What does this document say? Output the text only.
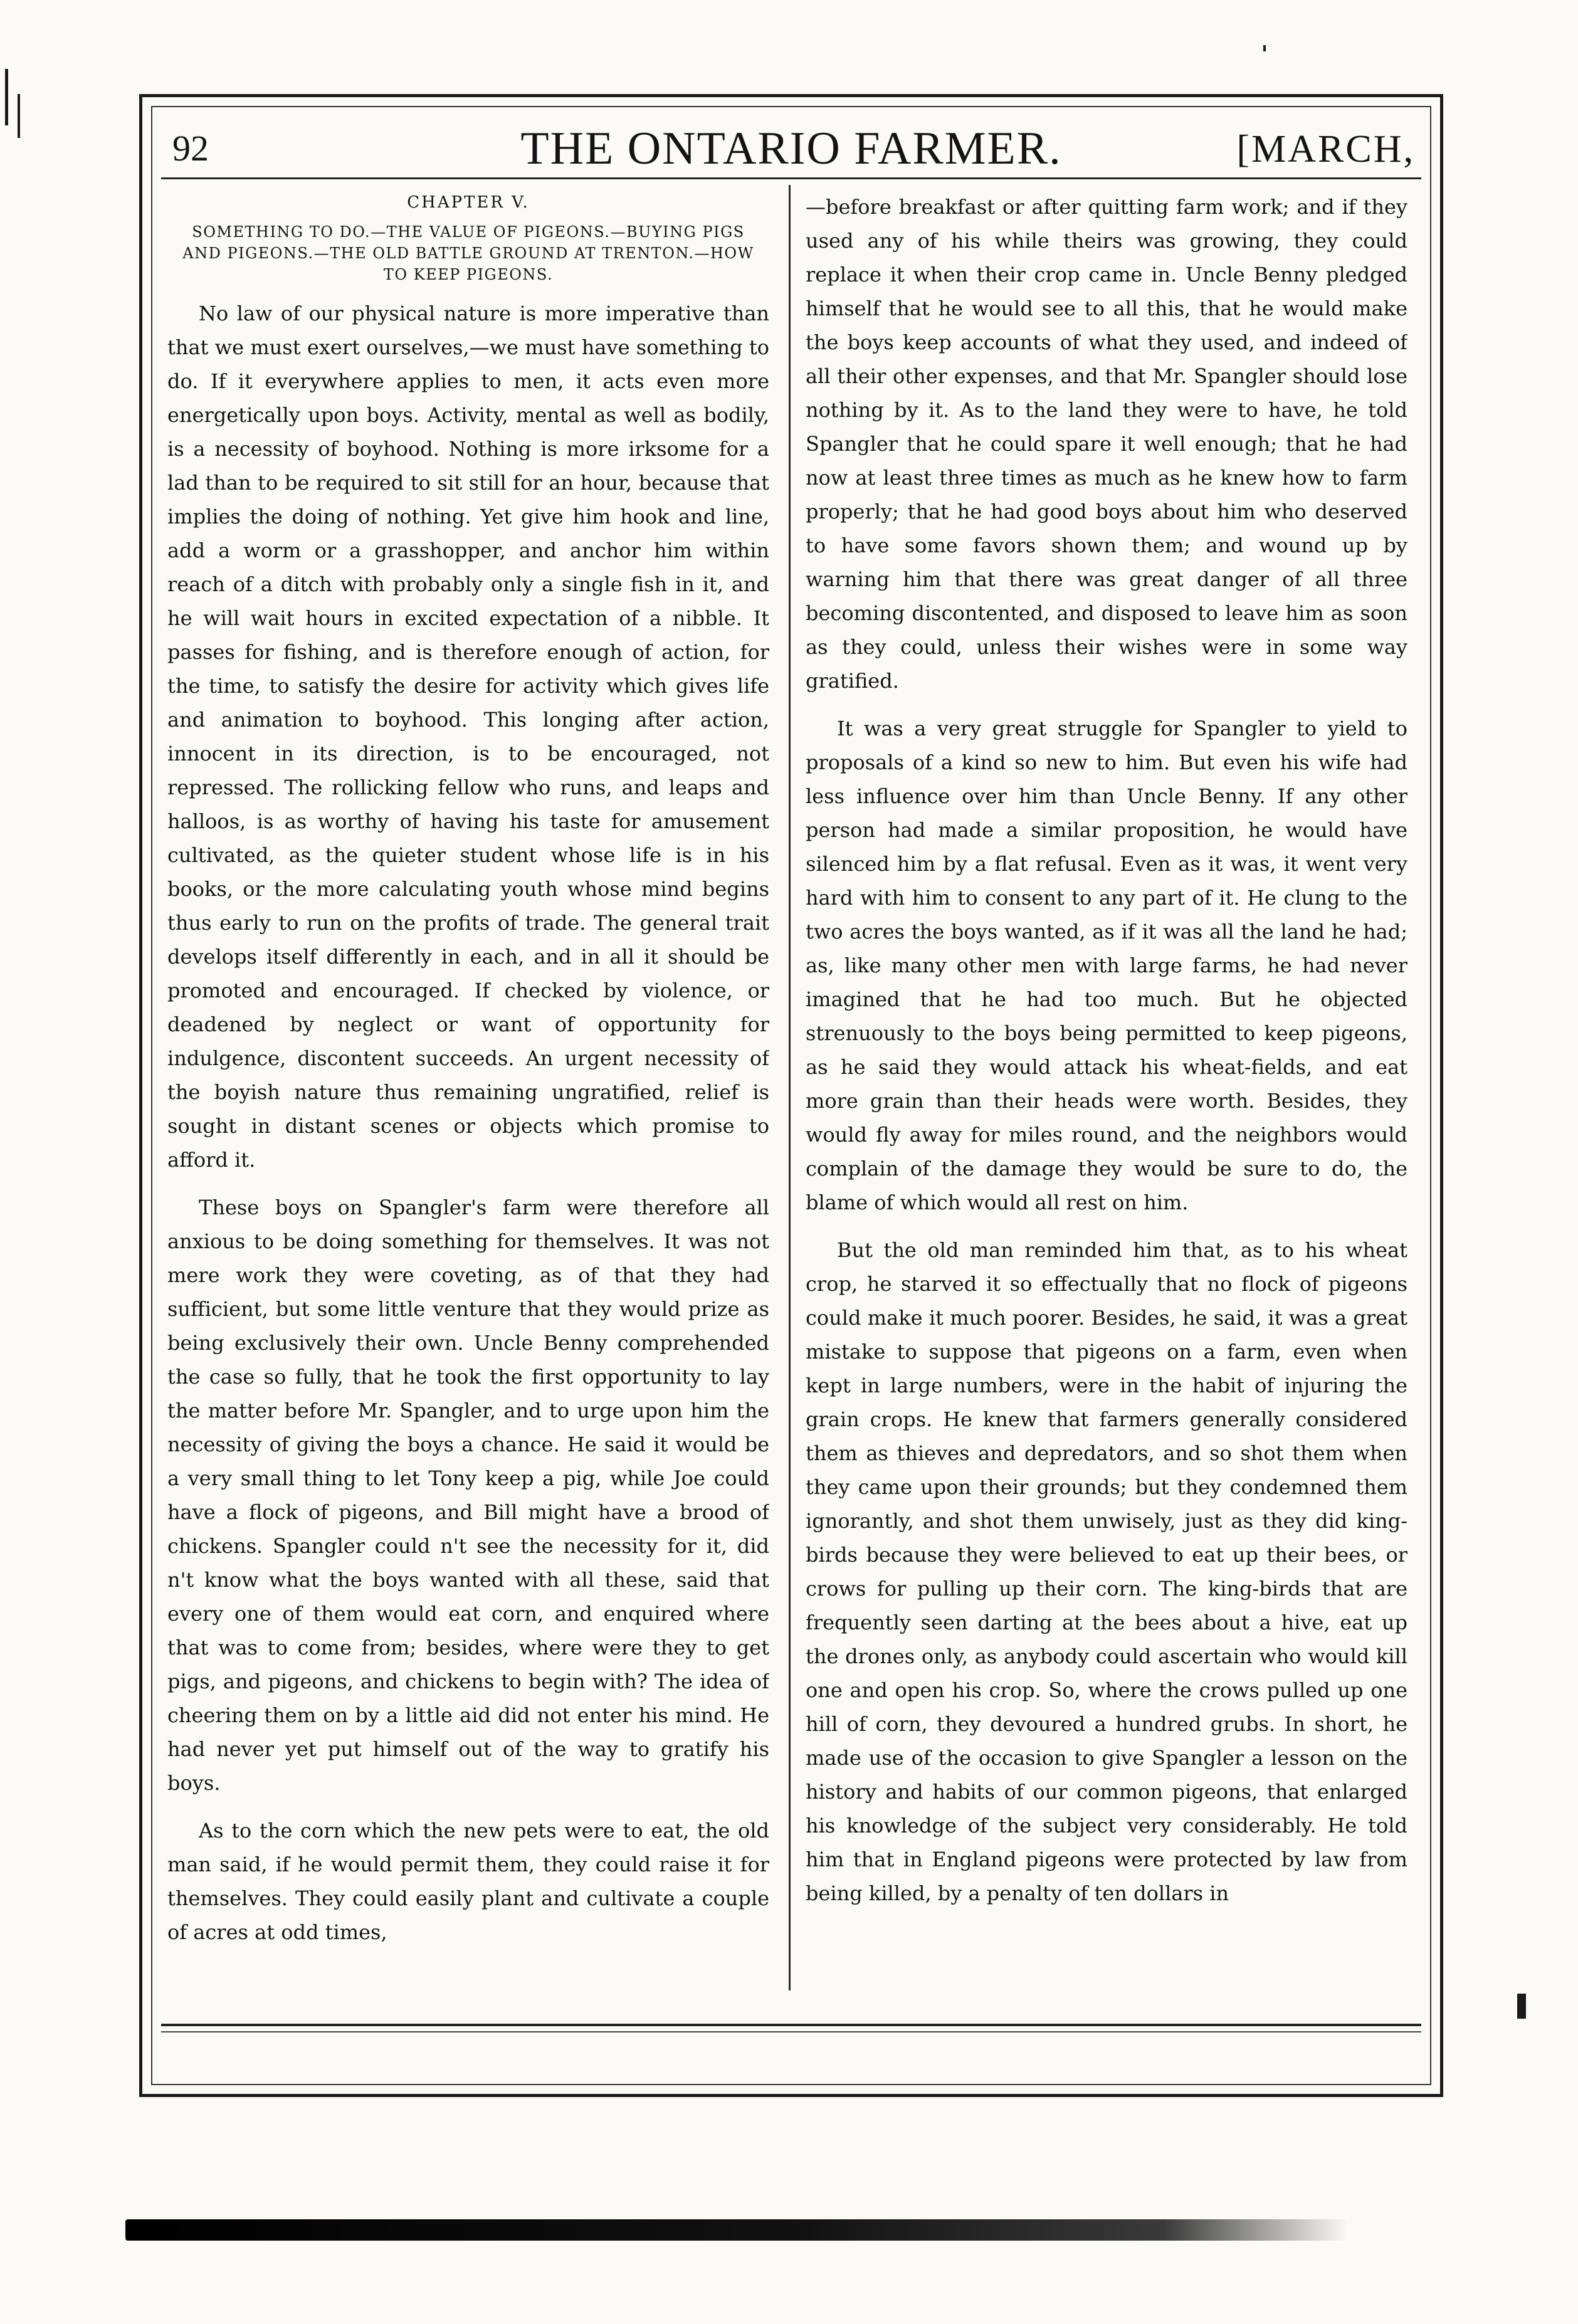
92	THE ONTARIO FARMER.	[MARCH,

CHAPTER V.

SOMETHING TO DO.—THE VALUE OF PIGEONS.—BUYING PIGS AND PIGEONS.—THE OLD BATTLE GROUND AT TRENTON.—HOW TO KEEP PIGEONS.

No law of our physical nature is more imperative than that we must exert ourselves,—we must have something to do. If it everywhere applies to men, it acts even more energetically upon boys. Activity, mental as well as bodily, is a necessity of boyhood. Nothing is more irksome for a lad than to be required to sit still for an hour, because that implies the doing of nothing. Yet give him hook and line, add a worm or a grasshopper, and anchor him within reach of a ditch with probably only a single fish in it, and he will wait hours in excited expectation of a nibble. It passes for fishing, and is therefore enough of action, for the time, to satisfy the desire for activity which gives life and animation to boyhood. This longing after action, innocent in its direction, is to be encouraged, not repressed. The rollicking fellow who runs, and leaps and halloos, is as worthy of having his taste for amusement cultivated, as the quieter student whose life is in his books, or the more calculating youth whose mind begins thus early to run on the profits of trade. The general trait develops itself differently in each, and in all it should be promoted and encouraged. If checked by violence, or deadened by neglect or want of opportunity for indulgence, discontent succeeds. An urgent necessity of the boyish nature thus remaining ungratified, relief is sought in distant scenes or objects which promise to afford it.

These boys on Spangler's farm were therefore all anxious to be doing something for themselves. It was not mere work they were coveting, as of that they had sufficient, but some little venture that they would prize as being exclusively their own. Uncle Benny comprehended the case so fully, that he took the first opportunity to lay the matter before Mr. Spangler, and to urge upon him the necessity of giving the boys a chance. He said it would be a very small thing to let Tony keep a pig, while Joe could have a flock of pigeons, and Bill might have a brood of chickens. Spangler could n't see the necessity for it, did n't know what the boys wanted with all these, said that every one of them would eat corn, and enquired where that was to come from; besides, where were they to get pigs, and pigeons, and chickens to begin with? The idea of cheering them on by a little aid did not enter his mind. He had never yet put himself out of the way to gratify his boys.

As to the corn which the new pets were to eat, the old man said, if he would permit them, they could raise it for themselves. They could easily plant and cultivate a couple of acres at odd times,

—before breakfast or after quitting farm work; and if they used any of his while theirs was growing, they could replace it when their crop came in. Uncle Benny pledged himself that he would see to all this, that he would make the boys keep accounts of what they used, and indeed of all their other expenses, and that Mr. Spangler should lose nothing by it. As to the land they were to have, he told Spangler that he could spare it well enough; that he had now at least three times as much as he knew how to farm properly; that he had good boys about him who deserved to have some favors shown them; and wound up by warning him that there was great danger of all three becoming discontented, and disposed to leave him as soon as they could, unless their wishes were in some way gratified.

It was a very great struggle for Spangler to yield to proposals of a kind so new to him. But even his wife had less influence over him than Uncle Benny. If any other person had made a similar proposition, he would have silenced him by a flat refusal. Even as it was, it went very hard with him to consent to any part of it. He clung to the two acres the boys wanted, as if it was all the land he had; as, like many other men with large farms, he had never imagined that he had too much. But he objected strenuously to the boys being permitted to keep pigeons, as he said they would attack his wheat-fields, and eat more grain than their heads were worth. Besides, they would fly away for miles round, and the neighbors would complain of the damage they would be sure to do, the blame of which would all rest on him.

But the old man reminded him that, as to his wheat crop, he starved it so effectually that no flock of pigeons could make it much poorer. Besides, he said, it was a great mistake to suppose that pigeons on a farm, even when kept in large numbers, were in the habit of injuring the grain crops. He knew that farmers generally considered them as thieves and depredators, and so shot them when they came upon their grounds; but they condemned them ignorantly, and shot them unwisely, just as they did king-birds because they were believed to eat up their bees, or crows for pulling up their corn. The king-birds that are frequently seen darting at the bees about a hive, eat up the drones only, as anybody could ascertain who would kill one and open his crop. So, where the crows pulled up one hill of corn, they devoured a hundred grubs. In short, he made use of the occasion to give Spangler a lesson on the history and habits of our common pigeons, that enlarged his knowledge of the subject very considerably. He told him that in England pigeons were protected by law from being killed, by a penalty of ten dollars in
